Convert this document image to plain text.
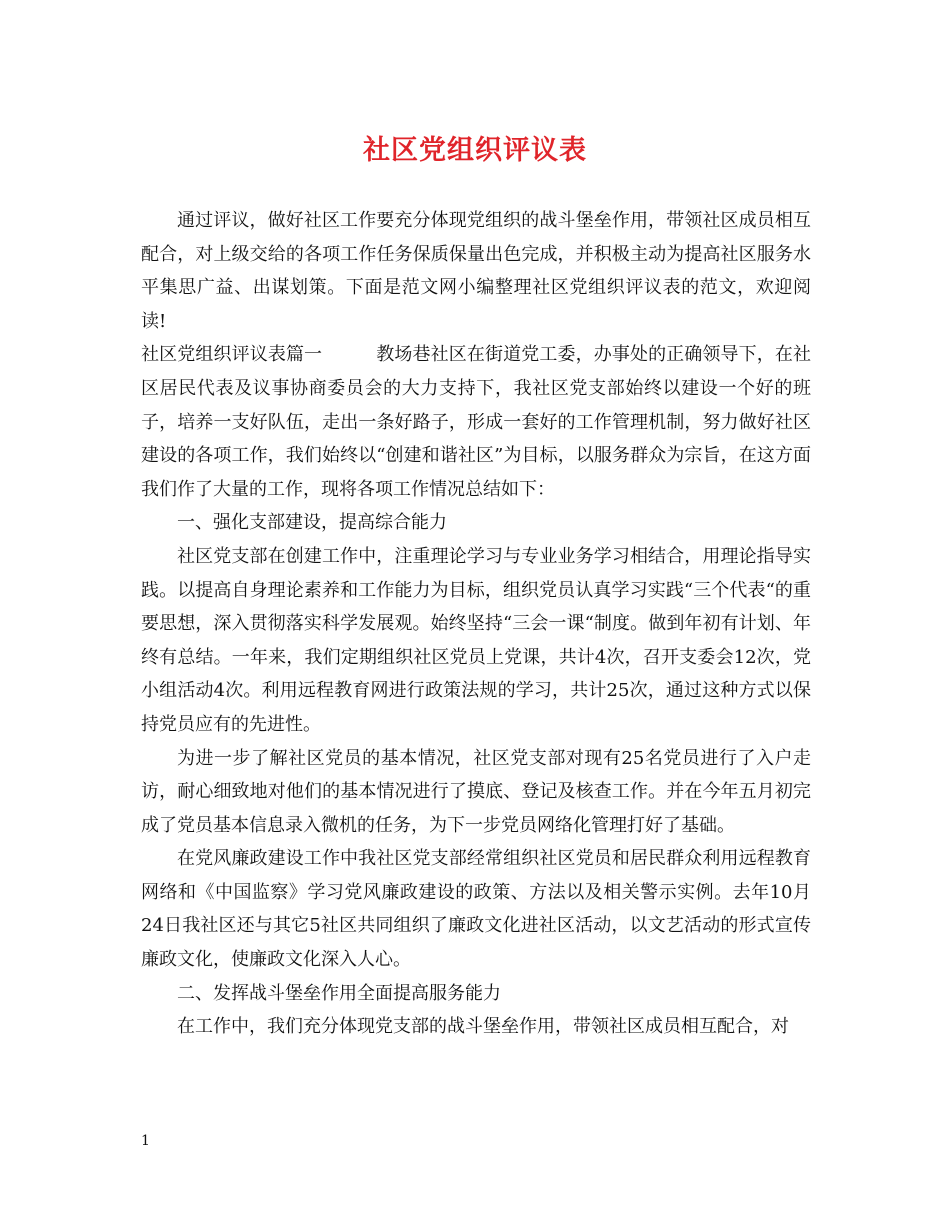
社区党组织评议表

通过评议，做好社区工作要充分体现党组织的战斗堡垒作用，带领社区成员相互配合，对上级交给的各项工作任务保质保量出色完成，并积极主动为提高社区服务水平集思广益、出谋划策。下面是范文网小编整理社区党组织评议表的范文，欢迎阅读!

社区党组织评议表篇一	教场巷社区在街道党工委，办事处的正确领导下，在社区居民代表及议事协商委员会的大力支持下，我社区党支部始终以建设一个好的班子，培养一支好队伍，走出一条好路子，形成一套好的工作管理机制，努力做好社区建设的各项工作，我们始终以“创建和谐社区”为目标，以服务群众为宗旨，在这方面我们作了大量的工作，现将各项工作情况总结如下：

一、强化支部建设，提高综合能力

社区党支部在创建工作中，注重理论学习与专业业务学习相结合，用理论指导实践。以提高自身理论素养和工作能力为目标，组织党员认真学习实践“三个代表“的重要思想，深入贯彻落实科学发展观。始终坚持“三会一课“制度。做到年初有计划、年终有总结。一年来，我们定期组织社区党员上党课，共计4次，召开支委会12次，党小组活动4次。利用远程教育网进行政策法规的学习，共计25次，通过这种方式以保持党员应有的先进性。

为进一步了解社区党员的基本情况，社区党支部对现有25名党员进行了入户走访，耐心细致地对他们的基本情况进行了摸底、登记及核查工作。并在今年五月初完成了党员基本信息录入微机的任务，为下一步党员网络化管理打好了基础。

在党风廉政建设工作中我社区党支部经常组织社区党员和居民群众利用远程教育网络和《中国监察》学习党风廉政建设的政策、方法以及相关警示实例。去年10月24日我社区还与其它5社区共同组织了廉政文化进社区活动，以文艺活动的形式宣传廉政文化，使廉政文化深入人心。

二、发挥战斗堡垒作用全面提高服务能力

在工作中，我们充分体现党支部的战斗堡垒作用，带领社区成员相互配合，对

1
